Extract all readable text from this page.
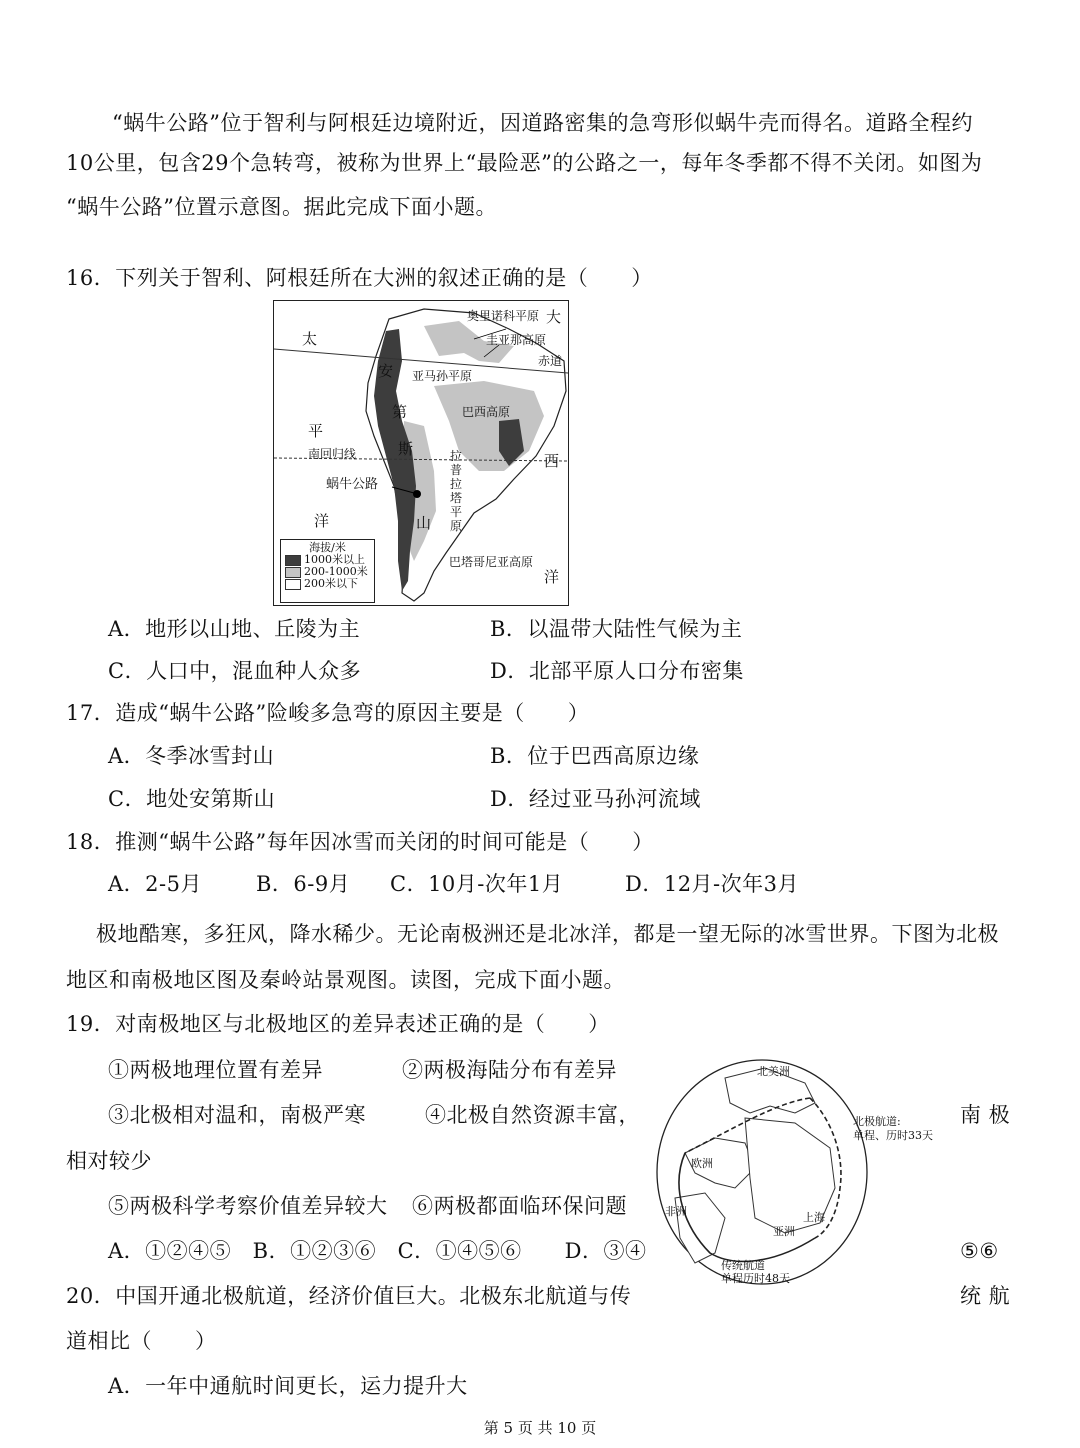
“蜗牛公路”位于智利与阿根廷边境附近，因道路密集的急弯形似蜗牛壳而得名。道路全程约
10公里，包含29个急转弯，被称为世界上“最险恶”的公路之一，每年冬季都不得不关闭。如图为
“蜗牛公路”位置示意图。据此完成下面小题。
16．下列关于智利、阿根廷所在大洲的叙述正确的是（　　）
奥里诺科平原
圭亚那高原
赤道
亚马孙平原
巴西高原
南回归线
蜗牛公路
拉
普
拉
塔
平
原
巴塔哥尼亚高原
太
平
洋
大
西
洋
安
第
斯
山
海拔/米
1000米以上
200-1000米
200米以下
A．地形以山地、丘陵为主	B．以温带大陆性气候为主
C．人口中，混血种人众多	D．北部平原人口分布密集
17．造成“蜗牛公路”险峻多急弯的原因主要是（　　）
A．冬季冰雪封山	B．位于巴西高原边缘
C．地处安第斯山	D．经过亚马孙河流域
18．推测“蜗牛公路”每年因冰雪而关闭的时间可能是（　　）
A．2-5月	B．6-9月 C．10月-次年1月	D．12月-次年3月
极地酷寒，多狂风，降水稀少。无论南极洲还是北冰洋，都是一望无际的冰雪世界。下图为北极
地区和南极地区图及秦岭站景观图。读图，完成下面小题。
19．对南极地区与北极地区的差异表述正确的是（　　）
①两极地理位置有差异	②两极海陆分布有差异
③北极相对温和，南极严寒	④北极自然资源丰富，	南 极
相对较少
⑤两极科学考察价值差异较大 ⑥两极都面临环保问题
A．①②④⑤　B．①②③⑥　C．①④⑤⑥　　D．③④	⑤⑥
北美洲
北极航道:
单程、历时33天
欧洲
非洲
亚洲
上海
传统航道
单程历时48天
20．中国开通北极航道，经济价值巨大。北极东北航道与传	统 航
道相比（　　）
A．一年中通航时间更长，运力提升大
第 5 页 共 10 页
